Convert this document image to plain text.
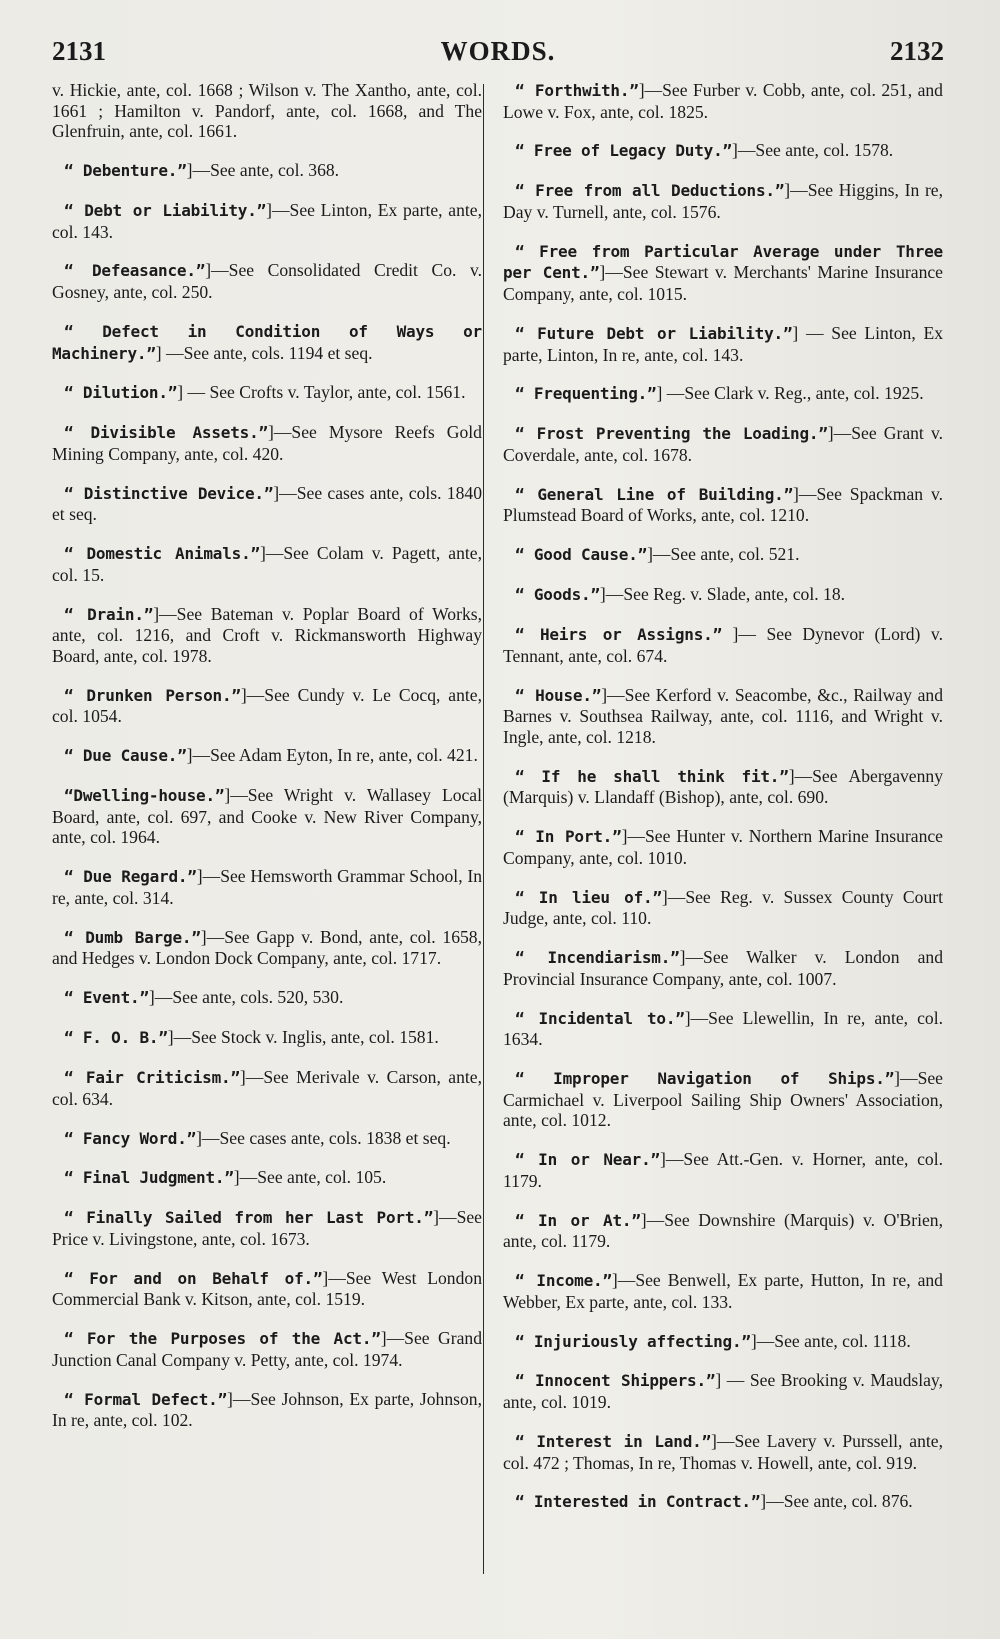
2131	WORDS.	2132

v. Hickie, ante, col. 1668 ; Wilson v. The Xantho, ante, col. 1661 ; Hamilton v. Pandorf, ante, col. 1668, and The Glenfruin, ante, col. 1661.

“ Debenture.”]—See ante, col. 368.

“ Debt or Liability.”]—See Linton, Ex parte, ante, col. 143.

“ Defeasance.”]—See Consolidated Credit Co. v. Gosney, ante, col. 250.

“ Defect in Condition of Ways or Machinery.”] —See ante, cols. 1194 et seq.

“ Dilution.”] — See Crofts v. Taylor, ante, col. 1561.

“ Divisible Assets.”]—See Mysore Reefs Gold Mining Company, ante, col. 420.

“ Distinctive Device.”]—See cases ante, cols. 1840 et seq.

“ Domestic Animals.”]—See Colam v. Pagett, ante, col. 15.

“ Drain.”]—See Bateman v. Poplar Board of Works, ante, col. 1216, and Croft v. Rickmansworth Highway Board, ante, col. 1978.

“ Drunken Person.”]—See Cundy v. Le Cocq, ante, col. 1054.

“ Due Cause.”]—See Adam Eyton, In re, ante, col. 421.

“Dwelling-house.”]—See Wright v. Wallasey Local Board, ante, col. 697, and Cooke v. New River Company, ante, col. 1964.

“ Due Regard.”]—See Hemsworth Grammar School, In re, ante, col. 314.

“ Dumb Barge.”]—See Gapp v. Bond, ante, col. 1658, and Hedges v. London Dock Company, ante, col. 1717.

“ Event.”]—See ante, cols. 520, 530.

“ F. O. B.”]—See Stock v. Inglis, ante, col. 1581.

“ Fair Criticism.”]—See Merivale v. Carson, ante, col. 634.

“ Fancy Word.”]—See cases ante, cols. 1838 et seq.

“ Final Judgment.”]—See ante, col. 105.

“ Finally Sailed from her Last Port.”]—See Price v. Livingstone, ante, col. 1673.

“ For and on Behalf of.”]—See West London Commercial Bank v. Kitson, ante, col. 1519.

“ For the Purposes of the Act.”]—See Grand Junction Canal Company v. Petty, ante, col. 1974.

“ Formal Defect.”]—See Johnson, Ex parte, Johnson, In re, ante, col. 102.

“ Forthwith.”]—See Furber v. Cobb, ante, col. 251, and Lowe v. Fox, ante, col. 1825.

“ Free of Legacy Duty.”]—See ante, col. 1578.

“ Free from all Deductions.”]—See Higgins, In re, Day v. Turnell, ante, col. 1576.

“ Free from Particular Average under Three per Cent.”]—See Stewart v. Merchants' Marine Insurance Company, ante, col. 1015.

“ Future Debt or Liability.”] — See Linton, Ex parte, Linton, In re, ante, col. 143.

“ Frequenting.”] —See Clark v. Reg., ante, col. 1925.

“ Frost Preventing the Loading.”]—See Grant v. Coverdale, ante, col. 1678.

“ General Line of Building.”]—See Spackman v. Plumstead Board of Works, ante, col. 1210.

“ Good Cause.”]—See ante, col. 521.

“ Goods.”]—See Reg. v. Slade, ante, col. 18.

“ Heirs or Assigns.” ]— See Dynevor (Lord) v. Tennant, ante, col. 674.

“ House.”]—See Kerford v. Seacombe, &c., Railway and Barnes v. Southsea Railway, ante, col. 1116, and Wright v. Ingle, ante, col. 1218.

“ If he shall think fit.”]—See Abergavenny (Marquis) v. Llandaff (Bishop), ante, col. 690.

“ In Port.”]—See Hunter v. Northern Marine Insurance Company, ante, col. 1010.

“ In lieu of.”]—See Reg. v. Sussex County Court Judge, ante, col. 110.

“ Incendiarism.”]—See Walker v. London and Provincial Insurance Company, ante, col. 1007.

“ Incidental to.”]—See Llewellin, In re, ante, col. 1634.

“ Improper Navigation of Ships.”]—See Carmichael v. Liverpool Sailing Ship Owners' Association, ante, col. 1012.

“ In or Near.”]—See Att.-Gen. v. Horner, ante, col. 1179.

“ In or At.”]—See Downshire (Marquis) v. O'Brien, ante, col. 1179.

“ Income.”]—See Benwell, Ex parte, Hutton, In re, and Webber, Ex parte, ante, col. 133.

“ Injuriously affecting.”]—See ante, col. 1118.

“ Innocent Shippers.”] — See Brooking v. Maudslay, ante, col. 1019.

“ Interest in Land.”]—See Lavery v. Purssell, ante, col. 472 ; Thomas, In re, Thomas v. Howell, ante, col. 919.

“ Interested in Contract.”]—See ante, col. 876.
